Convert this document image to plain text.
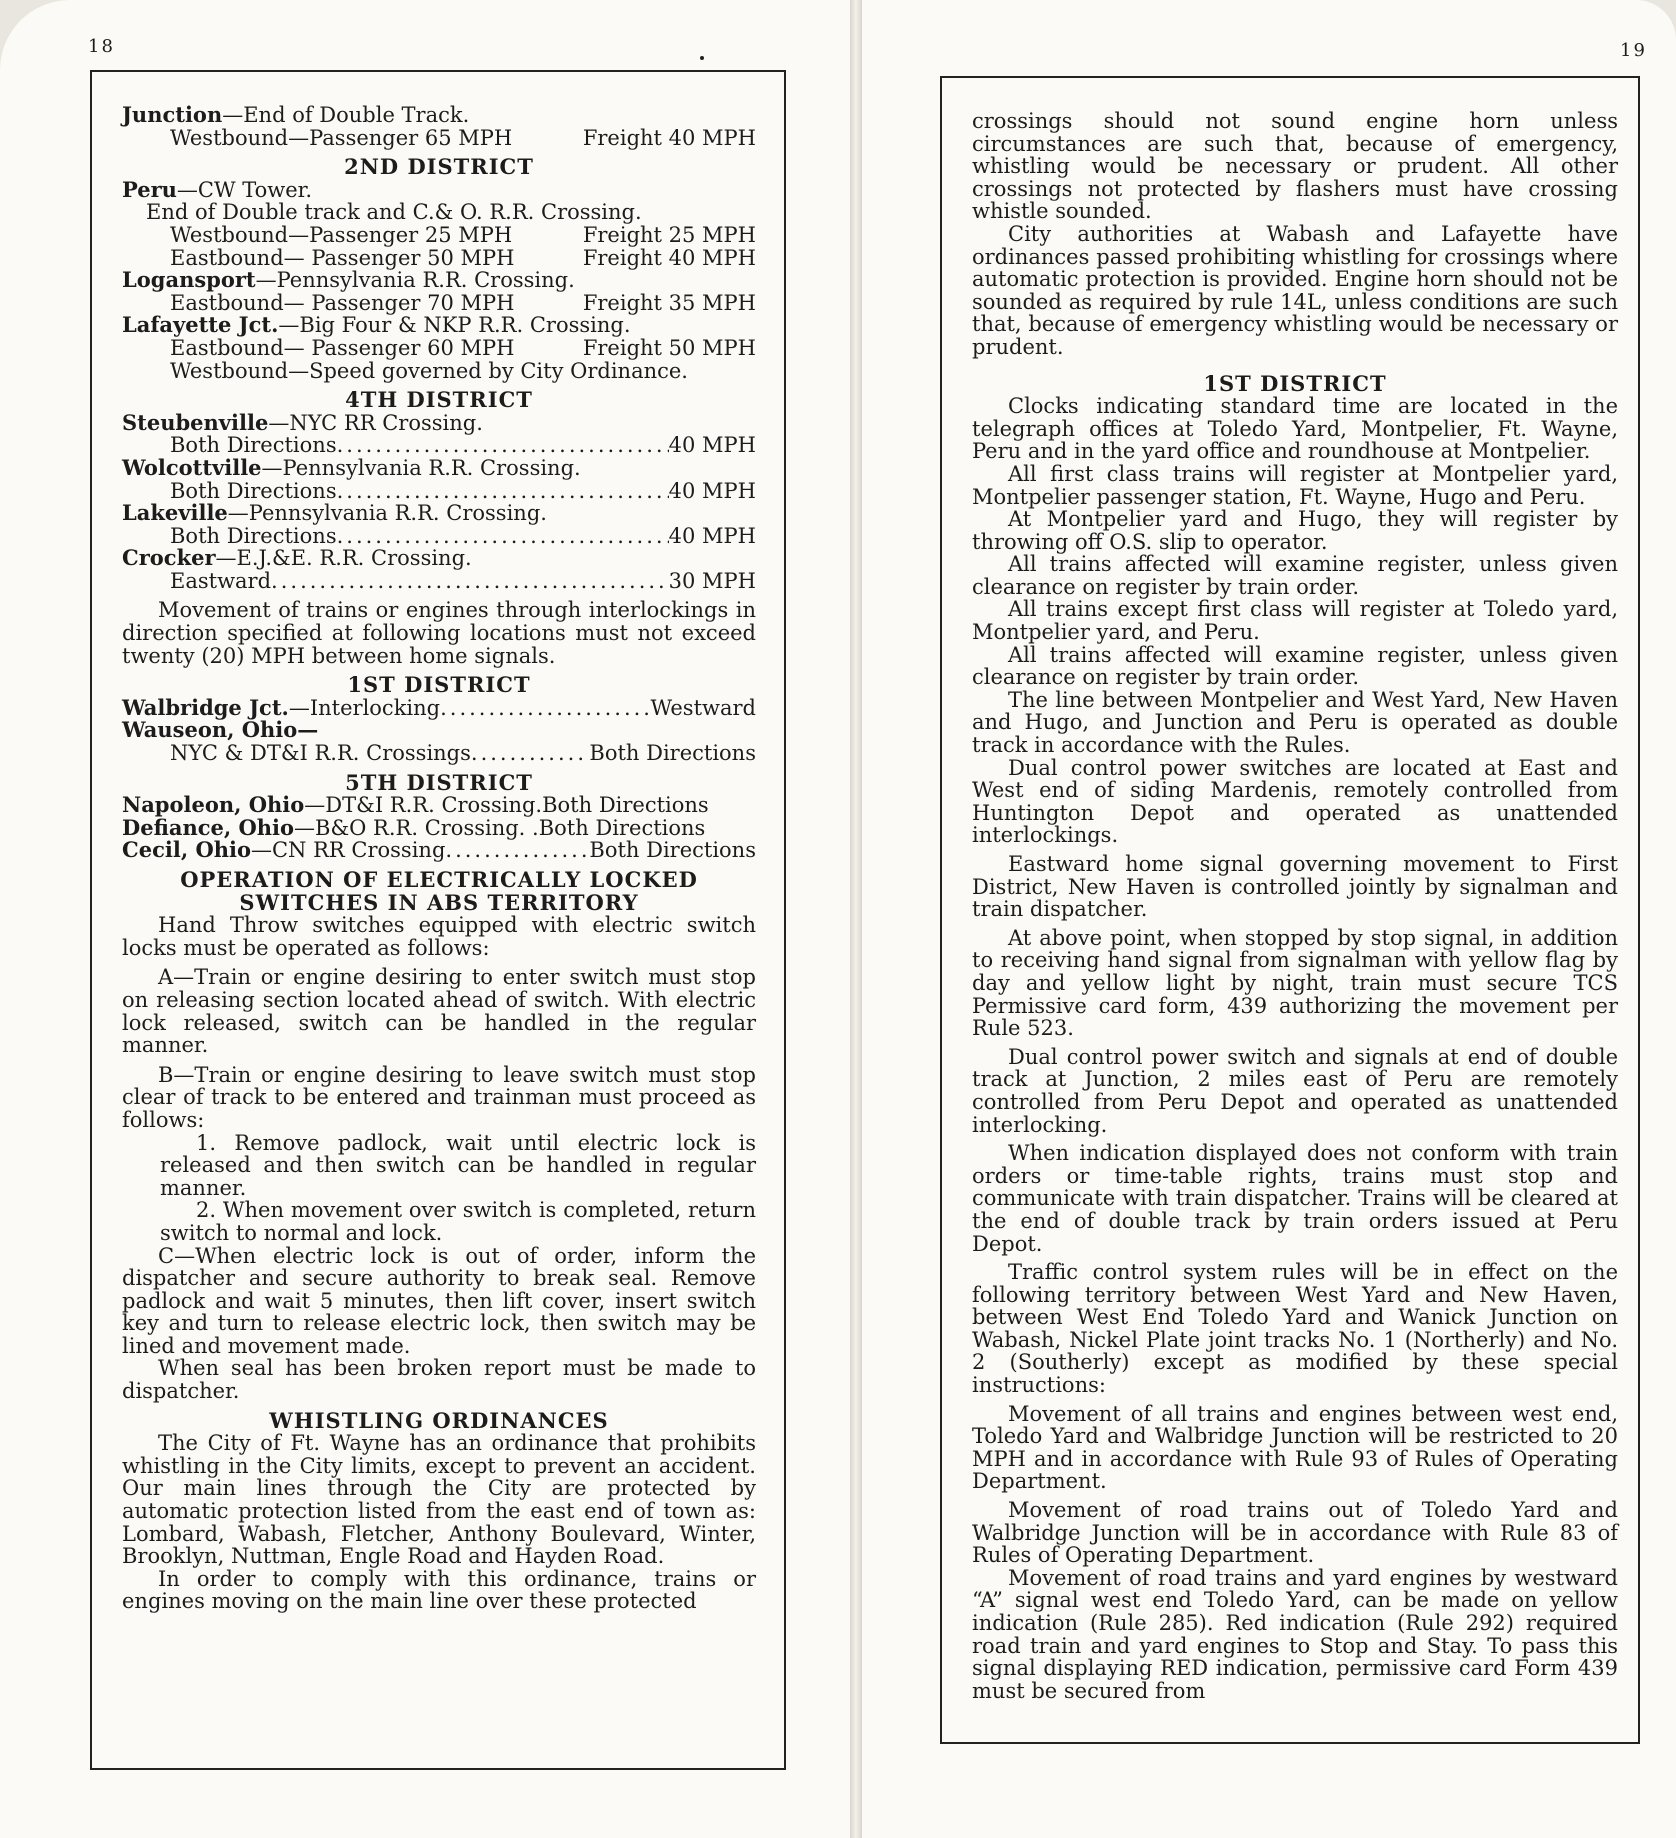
18
Junction—End of Double Track.
Westbound—Passenger 65 MPH	Freight 40 MPH
2ND DISTRICT
Peru—CW Tower.
End of Double track and C.& O. R.R. Crossing.
Westbound—Passenger 25 MPH	Freight 25 MPH
Eastbound— Passenger 50 MPH	Freight 40 MPH
Logansport—Pennsylvania R.R. Crossing.
Eastbound— Passenger 70 MPH	Freight 35 MPH
Lafayette Jct.—Big Four & NKP R.R. Crossing.
Eastbound— Passenger 60 MPH	Freight 50 MPH
Westbound—Speed governed by City Ordinance.
4TH DISTRICT
Steubenville—NYC RR Crossing.
Both Directions .....	40 MPH
Wolcottville—Pennsylvania R.R. Crossing.
Both Directions .....	40 MPH
Lakeville—Pennsylvania R.R. Crossing.
Both Directions .....	40 MPH
Crocker—E.J.&E. R.R. Crossing.
Eastward .....	30 MPH

Movement of trains or engines through interlockings in direction specified at following locations must not exceed twenty (20) MPH between home signals.

1ST DISTRICT
Walbridge Jct. —Interlocking .....	Westward
Wauseon, Ohio—
NYC & DT&I R.R. Crossings .....	Both Directions
5TH DISTRICT
Napoleon, Ohio —DT&I R.R. Crossing. Both Directions
Defiance, Ohio —B&O R.R. Crossing. . Both Directions
Cecil, Ohio —CN RR Crossing .....	Both Directions
OPERATION OF ELECTRICALLY LOCKED
SWITCHES IN ABS TERRITORY

Hand Throw switches equipped with electric switch locks must be operated as follows:

A—Train or engine desiring to enter switch must stop on releasing section located ahead of switch. With electric lock released, switch can be handled in the regular manner.

B—Train or engine desiring to leave switch must stop clear of track to be entered and trainman must proceed as follows:

1. Remove padlock, wait until electric lock is released and then switch can be handled in regular manner.

2. When movement over switch is completed, return switch to normal and lock.

C—When electric lock is out of order, inform the dispatcher and secure authority to break seal. Remove padlock and wait 5 minutes, then lift cover, insert switch key and turn to release electric lock, then switch may be lined and movement made.

When seal has been broken report must be made to dispatcher.

WHISTLING ORDINANCES

The City of Ft. Wayne has an ordinance that prohibits whistling in the City limits, except to prevent an accident. Our main lines through the City are protected by automatic protection listed from the east end of town as: Lombard, Wabash, Fletcher, Anthony Boulevard, Winter, Brooklyn, Nuttman, Engle Road and Hayden Road.

In order to comply with this ordinance, trains or engines moving on the main line over these protected

19

crossings should not sound engine horn unless circumstances are such that, because of emergency, whistling would be necessary or prudent. All other crossings not protected by flashers must have crossing whistle sounded.

City authorities at Wabash and Lafayette have ordinances passed prohibiting whistling for crossings where automatic protection is provided. Engine horn should not be sounded as required by rule 14L, unless conditions are such that, because of emergency whistling would be necessary or prudent.

1ST DISTRICT

Clocks indicating standard time are located in the telegraph offices at Toledo Yard, Montpelier, Ft. Wayne, Peru and in the yard office and roundhouse at Montpelier.

All first class trains will register at Montpelier yard, Montpelier passenger station, Ft. Wayne, Hugo and Peru.

At Montpelier yard and Hugo, they will register by throwing off O.S. slip to operator.

All trains affected will examine register, unless given clearance on register by train order.

All trains except first class will register at Toledo yard, Montpelier yard, and Peru.

All trains affected will examine register, unless given clearance on register by train order.

The line between Montpelier and West Yard, New Haven and Hugo, and Junction and Peru is operated as double track in accordance with the Rules.

Dual control power switches are located at East and West end of siding Mardenis, remotely controlled from Huntington Depot and operated as unattended interlockings.

Eastward home signal governing movement to First District, New Haven is controlled jointly by signalman and train dispatcher.

At above point, when stopped by stop signal, in addition to receiving hand signal from signalman with yellow flag by day and yellow light by night, train must secure TCS Permissive card form, 439 authorizing the movement per Rule 523.

Dual control power switch and signals at end of double track at Junction, 2 miles east of Peru are remotely controlled from Peru Depot and operated as unattended interlocking.

When indication displayed does not conform with train orders or time-table rights, trains must stop and communicate with train dispatcher. Trains will be cleared at the end of double track by train orders issued at Peru Depot.

Traffic control system rules will be in effect on the following territory between West Yard and New Haven, between West End Toledo Yard and Wanick Junction on Wabash, Nickel Plate joint tracks No. 1 (Northerly) and No. 2 (Southerly) except as modified by these special instructions:

Movement of all trains and engines between west end, Toledo Yard and Walbridge Junction will be restricted to 20 MPH and in accordance with Rule 93 of Rules of Operating Department.

Movement of road trains out of Toledo Yard and Walbridge Junction will be in accordance with Rule 83 of Rules of Operating Department.

Movement of road trains and yard engines by westward “A” signal west end Toledo Yard, can be made on yellow indication (Rule 285). Red indication (Rule 292) required road train and yard engines to Stop and Stay. To pass this signal displaying RED indication, permissive card Form 439 must be secured from
